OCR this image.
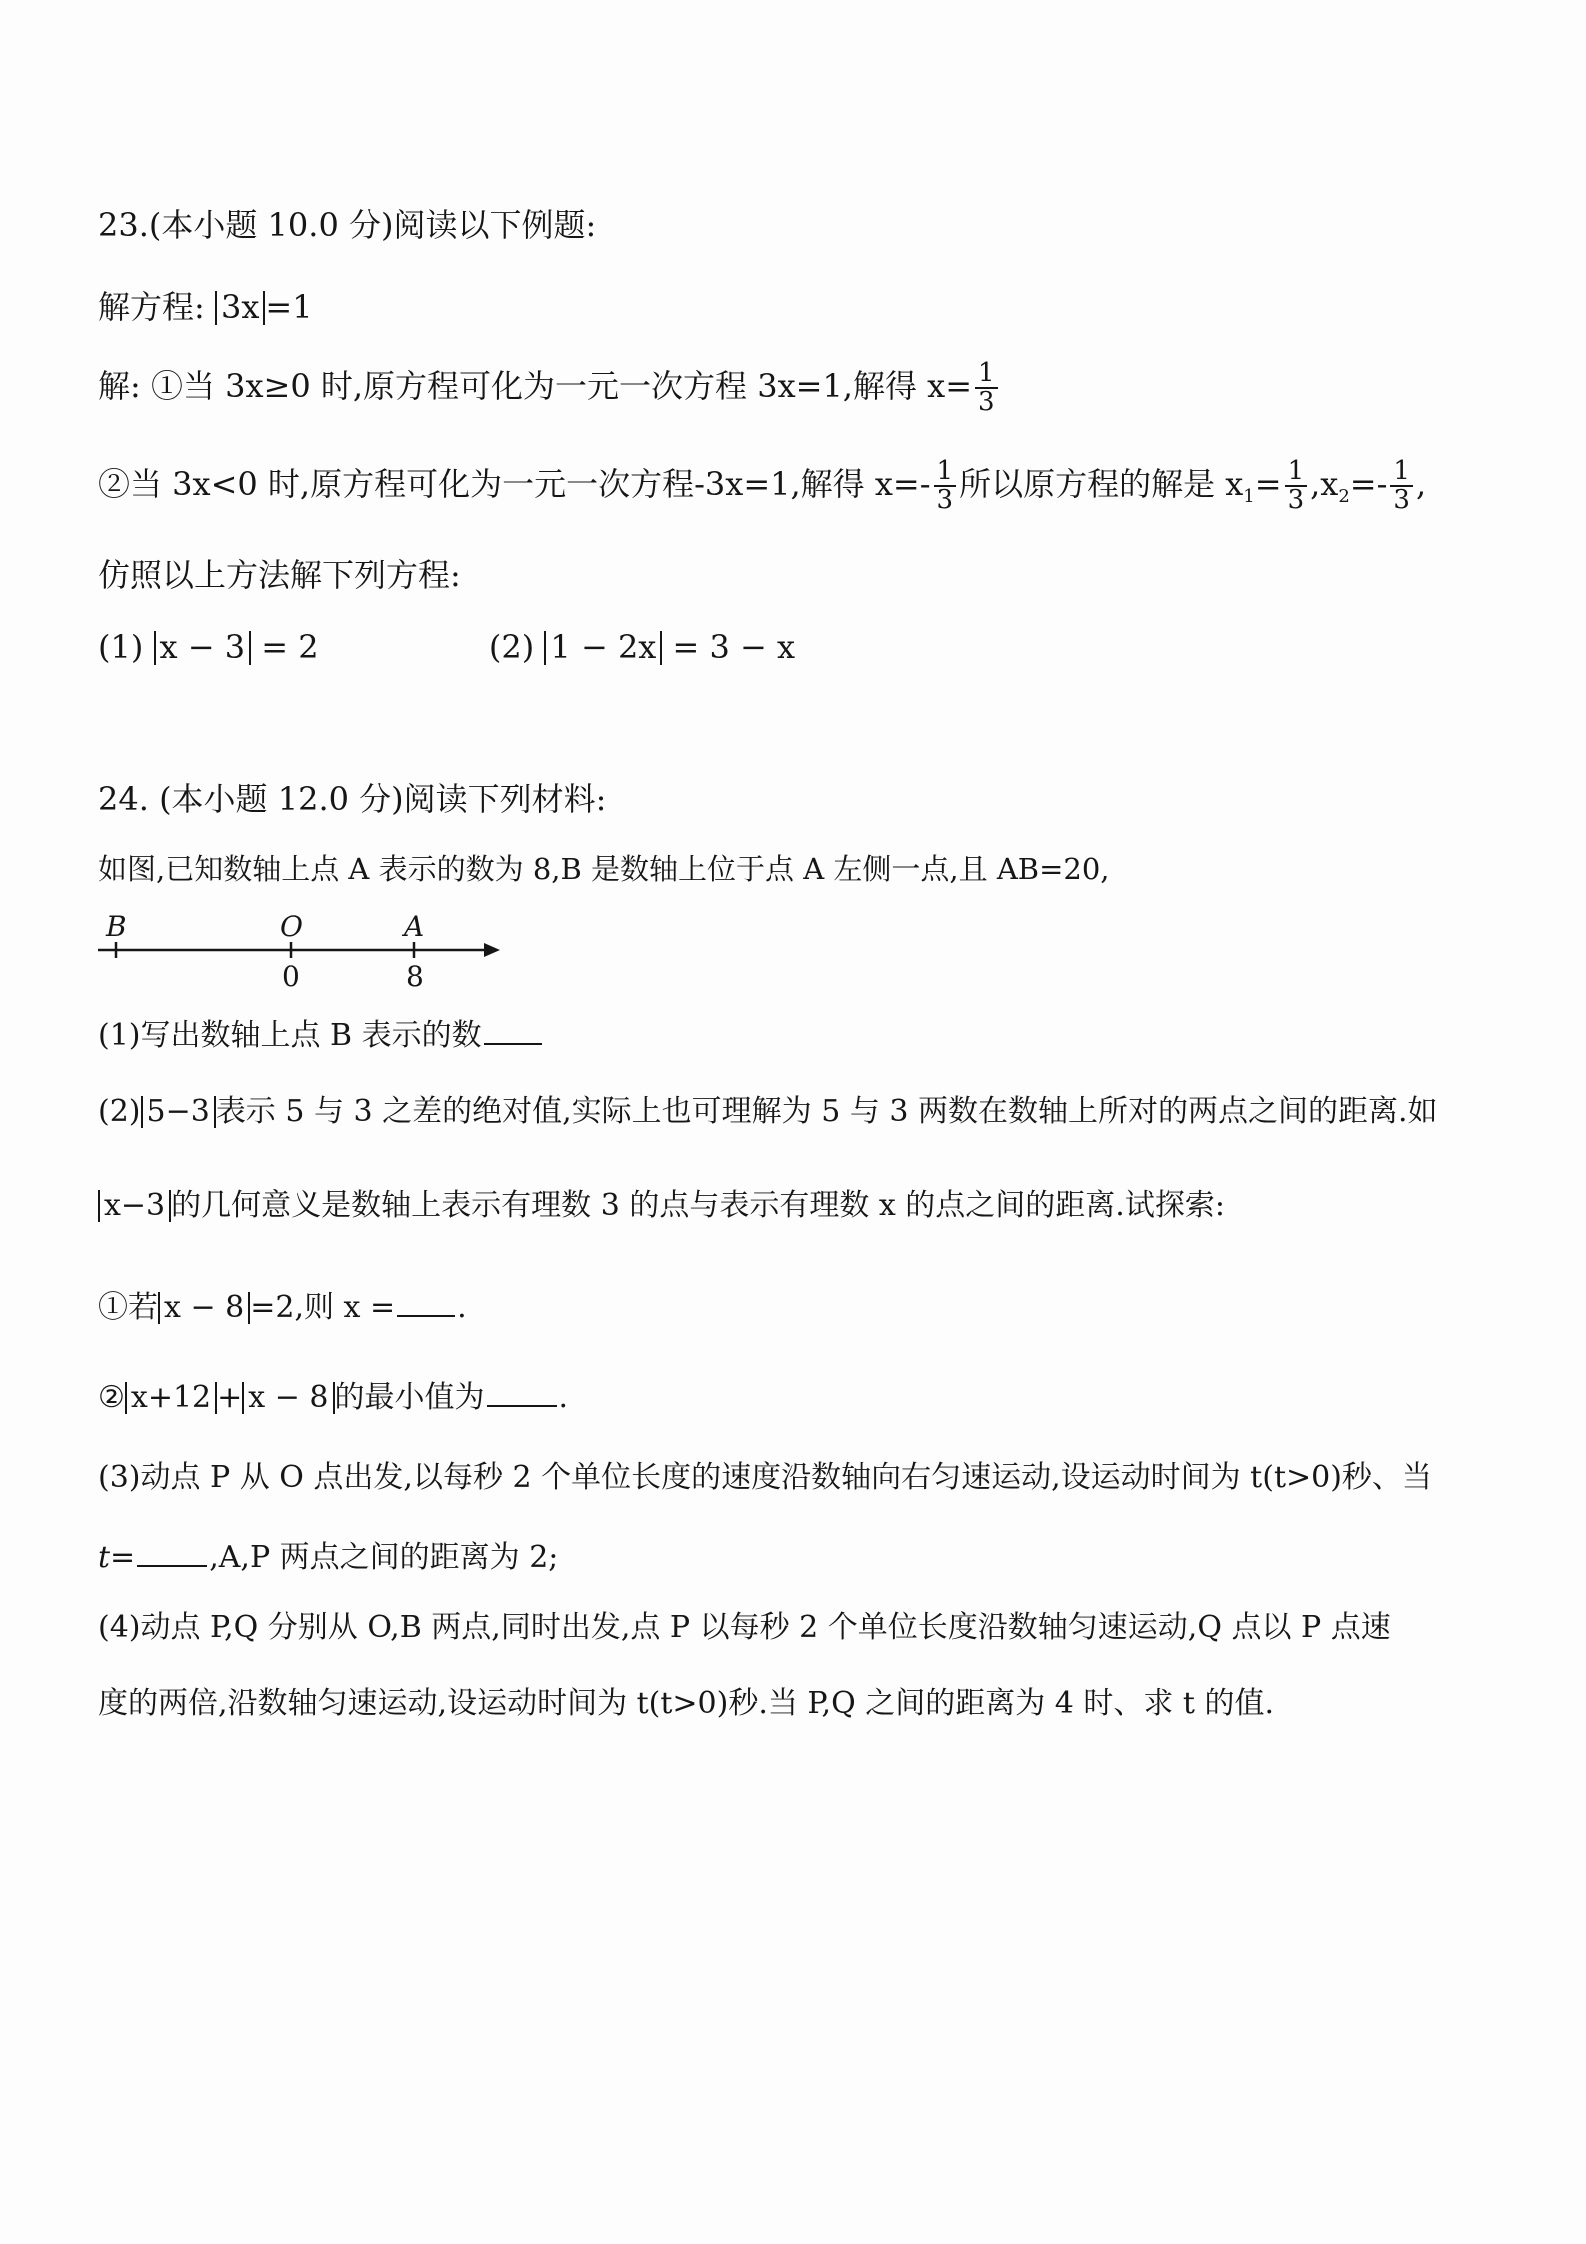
23.(本小题 10.0 分)阅读以下例题:
解方程: 3x =1
解: ①当 3x≥0 时,原方程可化为一元一次方程 3x=1,解得 $x= \frac{1}{3}$
②当 3x<0 时,原方程可化为一元一次方程-3x=1,解得 $x=- \frac{1}{3}$ 所以原方程的解是 $x_1= \frac{1}{3} ,x_2=- \frac{1}{3}$ ,
仿照以上方法解下列方程:
(1) x − 3 = 2	(2) 1 − 2x = 3 − x
24. (本小题 12.0 分)阅读下列材料:
如图,已知数轴上点 A 表示的数为 8,B 是数轴上位于点 A 左侧一点,且 AB=20,
B	O	A
0	8
(1)写出数轴上点 B 表示的数
(2) 5−3 表示 5 与 3 之差的绝对值,实际上也可理解为 5 与 3 两数在数轴上所对的两点之间的距离.如
x−3 的几何意义是数轴上表示有理数 3 的点与表示有理数 x 的点之间的距离.试探索:
①若 x − 8 =2,则 x = .
② x+12 + x − 8 的最小值为 .
(3)动点 P 从 O 点出发,以每秒 2 个单位长度的速度沿数轴向右匀速运动,设运动时间为 t(t>0)秒、当
t= ,A,P 两点之间的距离为 2;
(4)动点 P,Q 分别从 O,B 两点,同时出发,点 P 以每秒 2 个单位长度沿数轴匀速运动,Q 点以 P 点速
度的两倍,沿数轴匀速运动,设运动时间为 t(t>0)秒.当 P,Q 之间的距离为 4 时、求 t 的值.
